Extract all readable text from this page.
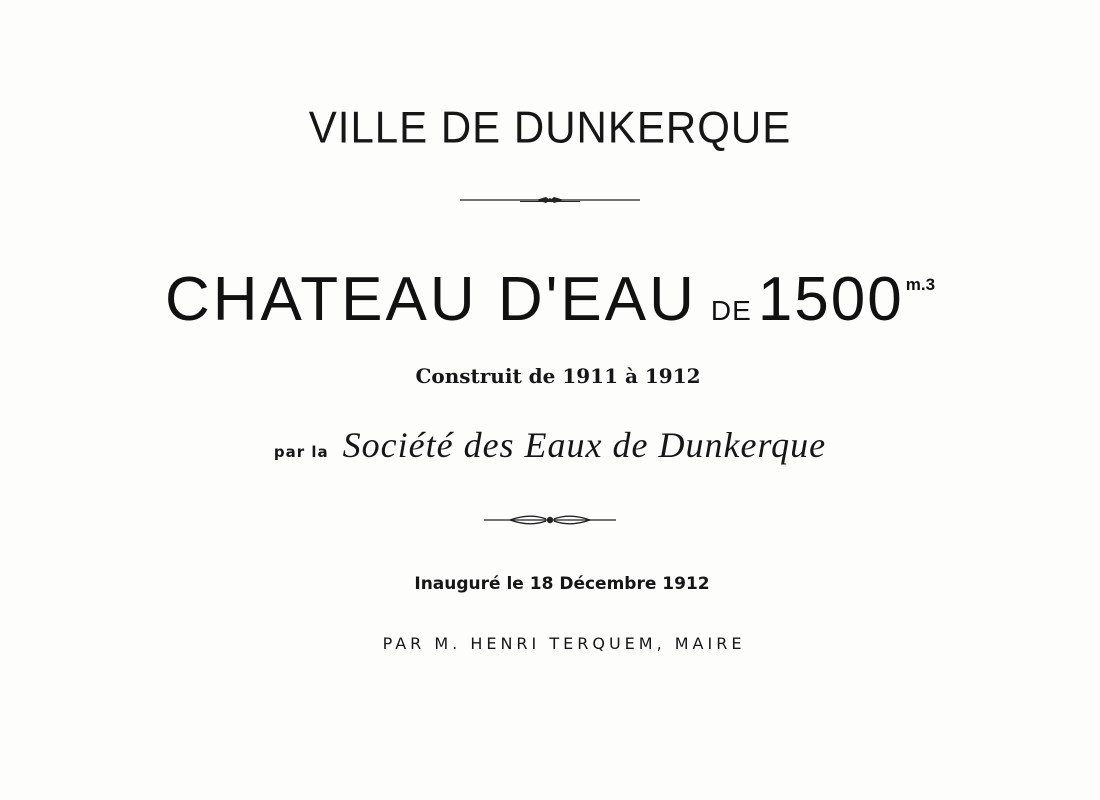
VILLE DE DUNKERQUE
CHATEAU D'EAU DE1500 m.3
Construit de 1911 à 1912
par la Société des Eaux de Dunkerque
Inauguré le 18 Décembre 1912
PAR M. HENRI TERQUEM, MAIRE
